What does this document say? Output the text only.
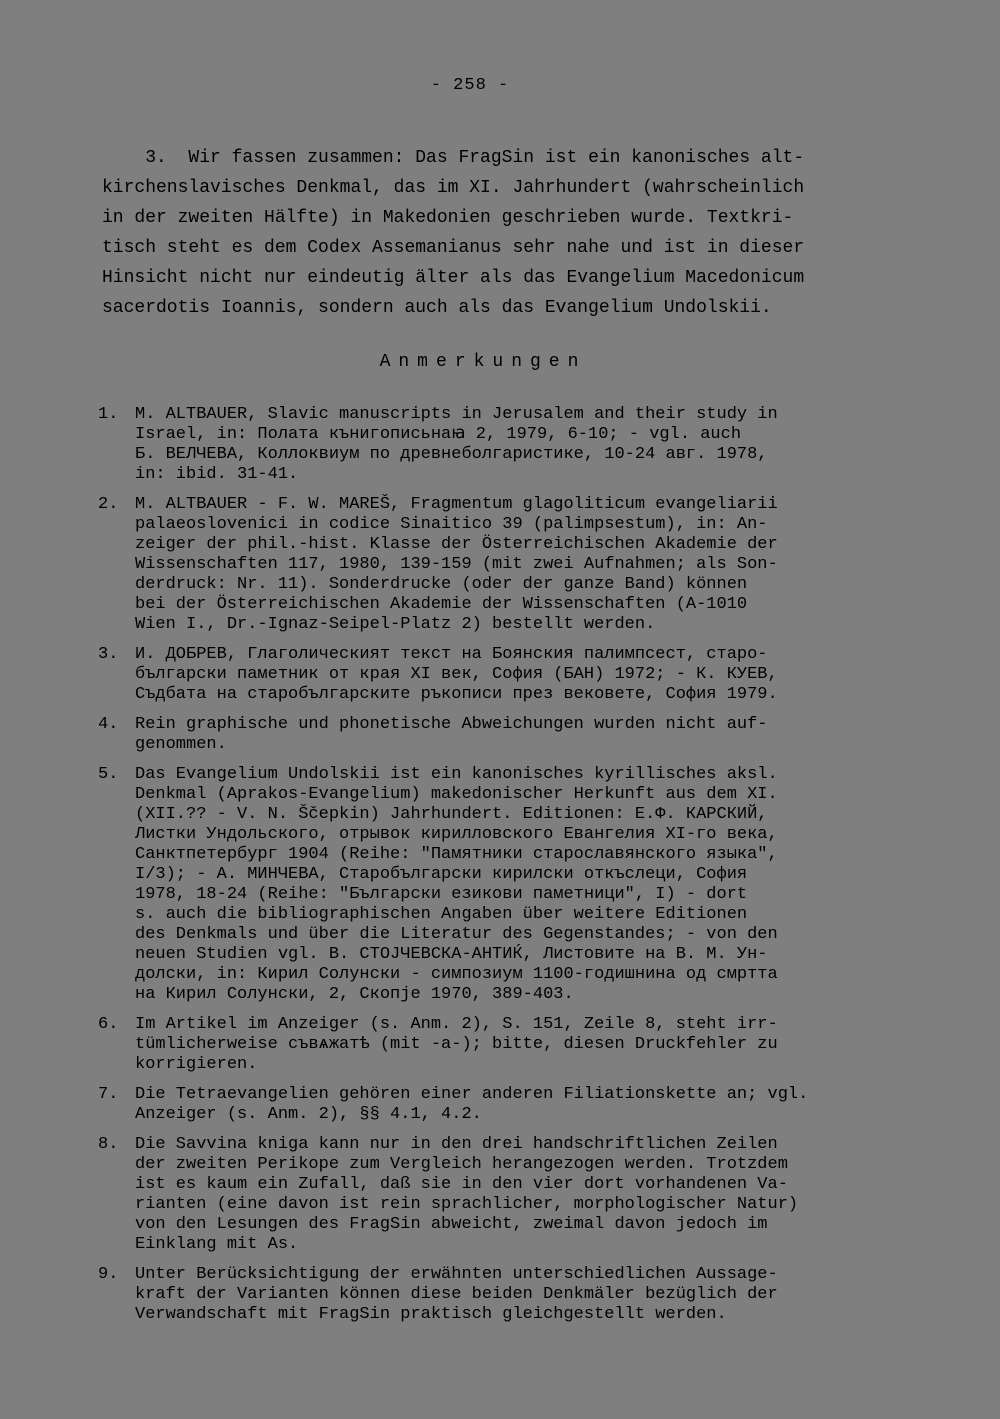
- 258 -
3.  Wir fassen zusammen: Das FragSin ist ein kanonisches alt-
kirchenslavisches Denkmal, das im XI. Jahrhundert (wahrscheinlich
in der zweiten Hälfte) in Makedonien geschrieben wurde. Textkri-
tisch steht es dem Codex Assemanianus sehr nahe und ist in dieser
Hinsicht nicht nur eindeutig älter als das Evangelium Macedonicum
sacerdotis Ioannis, sondern auch als das Evangelium Undolskii.
Anmerkungen
1. M. ALTBAUER, Slavic manuscripts in Jerusalem and their study in
Israel, in: Полата кънигописьнаꙗ 2, 1979, 6-10; - vgl. auch
Б. ВЕЛЧЕВА, Коллоквиум по древнеболгаристике, 10-24 авг. 1978,
in: ibid. 31-41.
2. M. ALTBAUER - F. W. MAREŠ, Fragmentum glagoliticum evangeliarii
palaeoslovenici in codice Sinaitico 39 (palimpsestum), in: An-
zeiger der phil.-hist. Klasse der Österreichischen Akademie der
Wissenschaften 117, 1980, 139-159 (mit zwei Aufnahmen; als Son-
derdruck: Nr. 11). Sonderdrucke (oder der ganze Band) können
bei der Österreichischen Akademie der Wissenschaften (A-1010
Wien I., Dr.-Ignaz-Seipel-Platz 2) bestellt werden.
3. И. ДОБРЕВ, Глаголическият текст на Боянския палимпсест, старо-
български паметник от края XI век, София (БАН) 1972; - К. КУЕВ,
Съдбата на старобългарските ръкописи през вековете, София 1979.
4. Rein graphische und phonetische Abweichungen wurden nicht auf-
genommen.
5. Das Evangelium Undolskii ist ein kanonisches kyrillisches aksl.
Denkmal (Aprakos-Evangelium) makedonischer Herkunft aus dem XI.
(XII.?? - V. N. Ščepkin) Jahrhundert. Editionen: Е.Ф. КАРСКИЙ,
Листки Ундольского, отрывок кирилловского Евангелия XI-го века,
Санктпетербург 1904 (Reihe: "Памятники старославянского языка",
I/3); - А. МИНЧЕВА, Старобългарски кирилски откъслеци, София
1978, 18-24 (Reihe: "Български езикови паметници", I) - dort
s. auch die bibliographischen Angaben über weitere Editionen
des Denkmals und über die Literatur des Gegenstandes; - von den
neuen Studien vgl. В. СТОЈЧЕВСКА-АНТИЌ, Листовите на В. М. Ун-
долски, in: Кирил Солунски - симпозиум 1100-годишнина од смртта
на Кирил Солунски, 2, Скопје 1970, 389-403.
6. Im Artikel im Anzeiger (s. Anm. 2), S. 151, Zeile 8, steht irr-
tümlicherweise съвѧжатѣ (mit -а-); bitte, diesen Druckfehler zu
korrigieren.
7. Die Tetraevangelien gehören einer anderen Filiationskette an; vgl.
Anzeiger (s. Anm. 2), §§ 4.1, 4.2.
8. Die Savvina kniga kann nur in den drei handschriftlichen Zeilen
der zweiten Perikope zum Vergleich herangezogen werden. Trotzdem
ist es kaum ein Zufall, daß sie in den vier dort vorhandenen Va-
rianten (eine davon ist rein sprachlicher, morphologischer Natur)
von den Lesungen des FragSin abweicht, zweimal davon jedoch im
Einklang mit As.
9. Unter Berücksichtigung der erwähnten unterschiedlichen Aussage-
kraft der Varianten können diese beiden Denkmäler bezüglich der
Verwandschaft mit FragSin praktisch gleichgestellt werden.
